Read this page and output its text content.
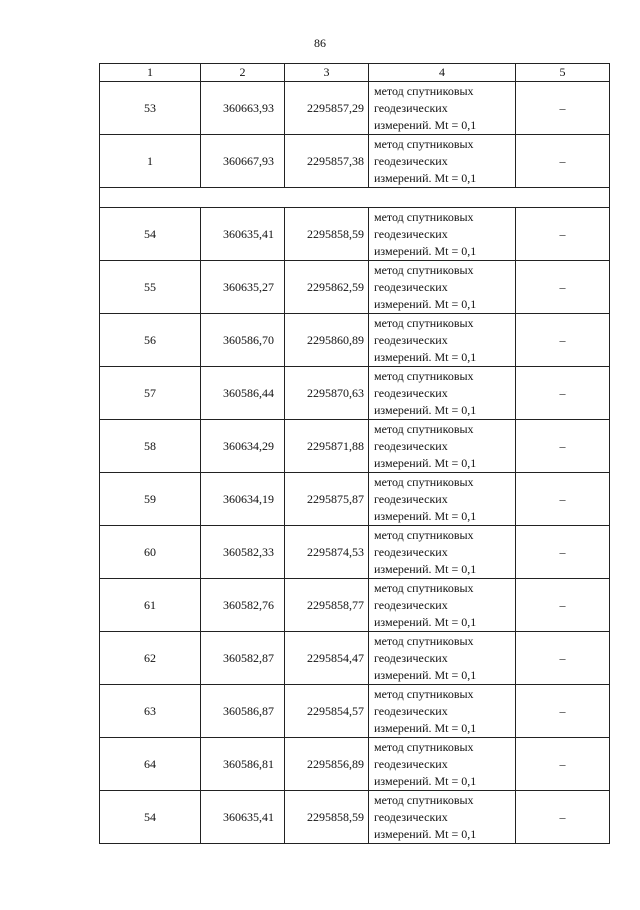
86
1	2	3	4	5
53	360663,93	2295857,29	метод спутниковых
геодезических
измерений. Mt = 0,1	–
1	360667,93	2295857,38	метод спутниковых
геодезических
измерений. Mt = 0,1	–

54	360635,41	2295858,59	метод спутниковых
геодезических
измерений. Mt = 0,1	–
55	360635,27	2295862,59	метод спутниковых
геодезических
измерений. Mt = 0,1	–
56	360586,70	2295860,89	метод спутниковых
геодезических
измерений. Mt = 0,1	–
57	360586,44	2295870,63	метод спутниковых
геодезических
измерений. Mt = 0,1	–
58	360634,29	2295871,88	метод спутниковых
геодезических
измерений. Mt = 0,1	–
59	360634,19	2295875,87	метод спутниковых
геодезических
измерений. Mt = 0,1	–
60	360582,33	2295874,53	метод спутниковых
геодезических
измерений. Mt = 0,1	–
61	360582,76	2295858,77	метод спутниковых
геодезических
измерений. Mt = 0,1	–
62	360582,87	2295854,47	метод спутниковых
геодезических
измерений. Mt = 0,1	–
63	360586,87	2295854,57	метод спутниковых
геодезических
измерений. Mt = 0,1	–
64	360586,81	2295856,89	метод спутниковых
геодезических
измерений. Mt = 0,1	–
54	360635,41	2295858,59	метод спутниковых
геодезических
измерений. Mt = 0,1	–
